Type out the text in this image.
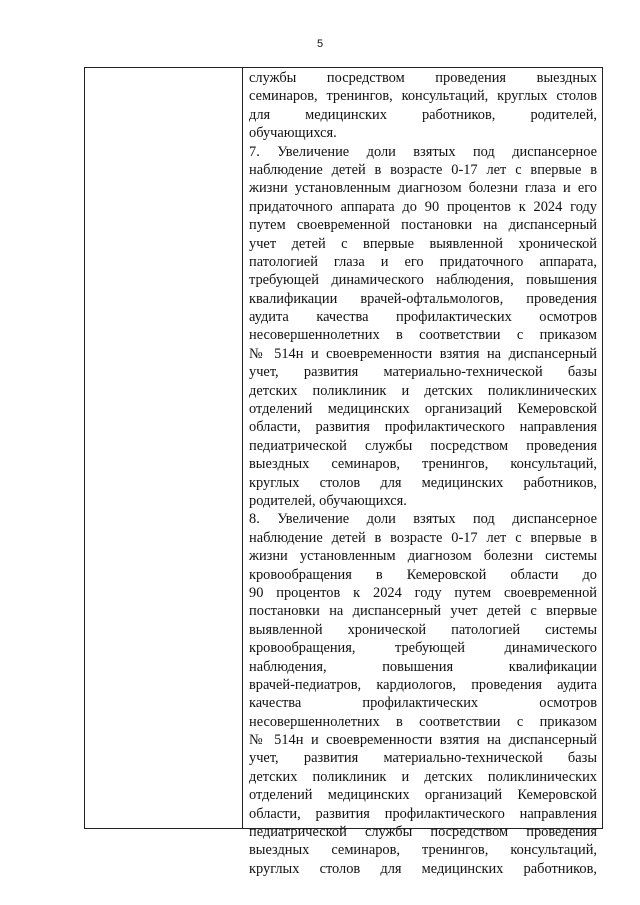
5
службы посредством проведения выездных
семинаров, тренингов, консультаций, круглых столов
для медицинских работников, родителей,
обучающихся.
7. Увеличение доли взятых под диспансерное
наблюдение детей в возрасте 0-17 лет с впервые в
жизни установленным диагнозом болезни глаза и его
придаточного аппарата до 90 процентов к 2024 году
путем своевременной постановки на диспансерный
учет детей с впервые выявленной хронической
патологией глаза и его придаточного аппарата,
требующей динамического наблюдения, повышения
квалификации врачей-офтальмологов, проведения
аудита качества профилактических осмотров
несовершеннолетних в соответствии с приказом
№ 514н и своевременности взятия на диспансерный
учет, развития материально-технической базы
детских поликлиник и детских поликлинических
отделений медицинских организаций Кемеровской
области, развития профилактического направления
педиатрической службы посредством проведения
выездных семинаров, тренингов, консультаций,
круглых столов для медицинских работников,
родителей, обучающихся.
8. Увеличение доли взятых под диспансерное
наблюдение детей в возрасте 0-17 лет с впервые в
жизни установленным диагнозом болезни системы
кровообращения в Кемеровской области до
90 процентов к 2024 году путем своевременной
постановки на диспансерный учет детей с впервые
выявленной хронической патологией системы
кровообращения, требующей динамического
наблюдения, повышения квалификации
врачей-педиатров, кардиологов, проведения аудита
качества профилактических осмотров
несовершеннолетних в соответствии с приказом
№ 514н и своевременности взятия на диспансерный
учет, развития материально-технической базы
детских поликлиник и детских поликлинических
отделений медицинских организаций Кемеровской
области, развития профилактического направления
педиатрической службы посредством проведения
выездных семинаров, тренингов, консультаций,
круглых столов для медицинских работников,
